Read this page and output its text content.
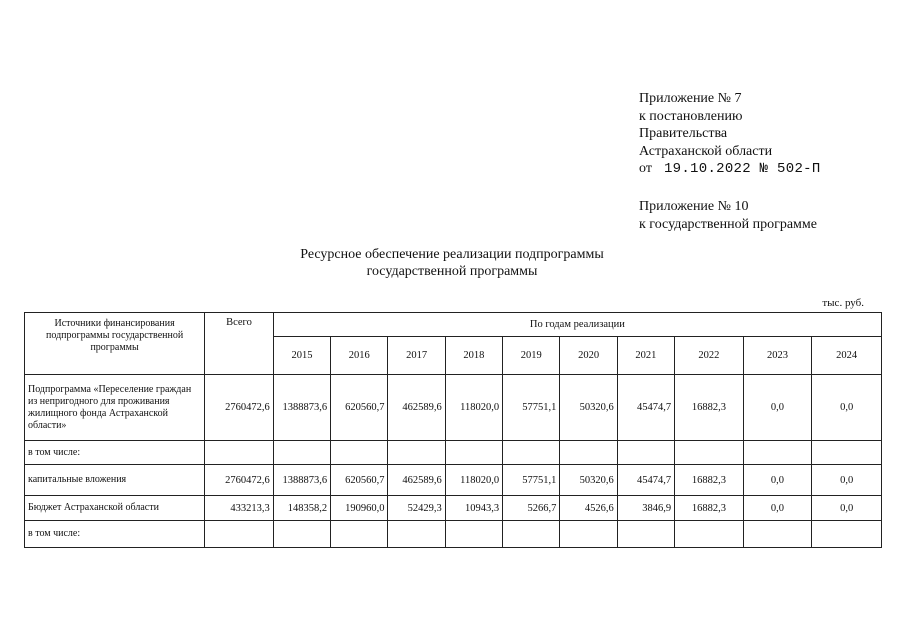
Приложение № 7
к постановлению
Правительства
Астраханской области
от 19.10.2022 № 502-П
Приложение № 10
к государственной программе
Ресурсное обеспечение реализации подпрограммы
государственной программы
тыс. руб.
Источники финансирования подпрограммы государственной программы	Всего	По годам реализации									
		2015	2016	2017	2018	2019	2020	2021	2022	2023	2024
Подпрограмма «Переселение граждан из непригодного для проживания жилищного фонда Астраханской области»	2760472,6	1388873,6	620560,7	462589,6	118020,0	57751,1	50320,6	45474,7	16882,3	0,0	0,0
в том числе:											
капитальные вложения	2760472,6	1388873,6	620560,7	462589,6	118020,0	57751,1	50320,6	45474,7	16882,3	0,0	0,0
Бюджет Астраханской области	433213,3	148358,2	190960,0	52429,3	10943,3	5266,7	4526,6	3846,9	16882,3	0,0	0,0
в том числе:											
